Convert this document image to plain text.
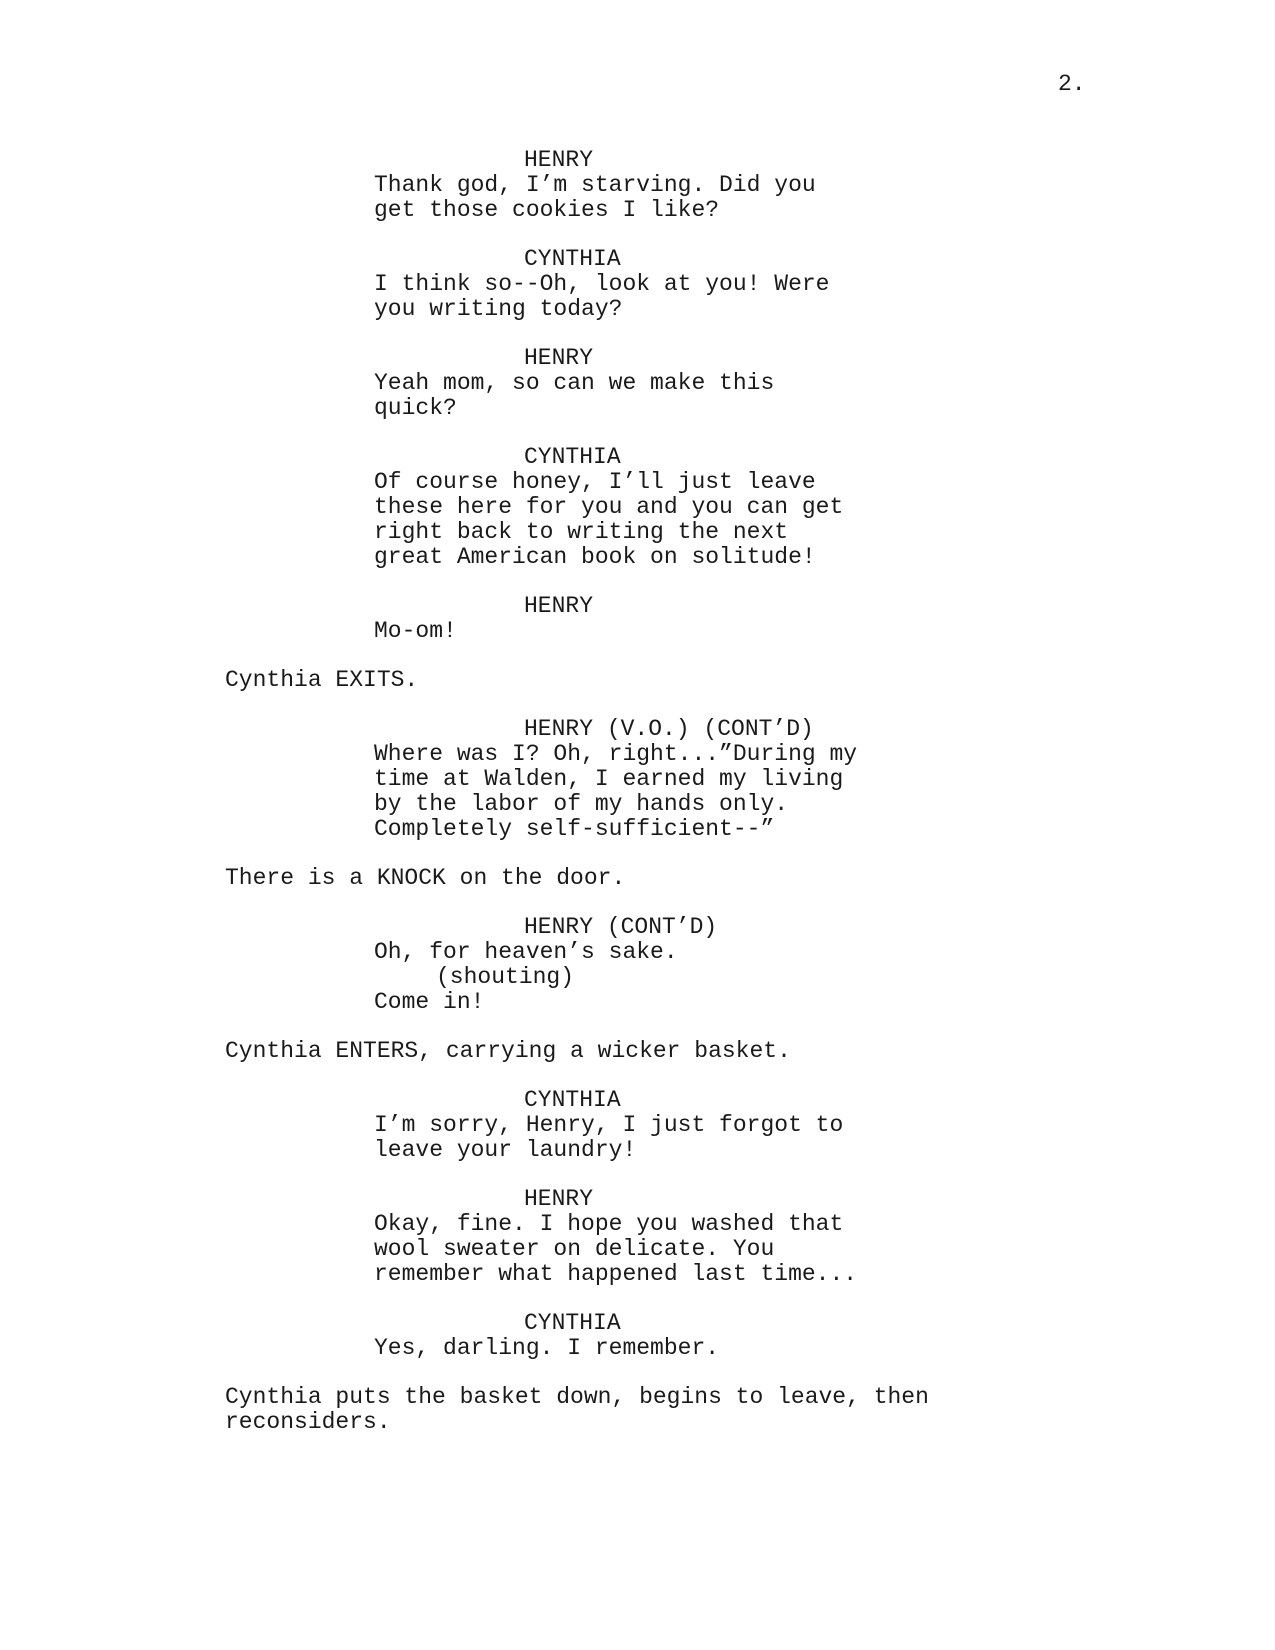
2.
HENRY
Thank god, I’m starving. Did you
get those cookies I like?
CYNTHIA
I think so--Oh, look at you! Were
you writing today?
HENRY
Yeah mom, so can we make this
quick?
CYNTHIA
Of course honey, I’ll just leave
these here for you and you can get
right back to writing the next
great American book on solitude!
HENRY
Mo-om!
Cynthia EXITS.
HENRY (V.O.) (CONT’D)
Where was I? Oh, right...”During my
time at Walden, I earned my living
by the labor of my hands only.
Completely self-sufficient--”
There is a KNOCK on the door.
HENRY (CONT’D)
Oh, for heaven’s sake.
(shouting)
Come in!
Cynthia ENTERS, carrying a wicker basket.
CYNTHIA
I’m sorry, Henry, I just forgot to
leave your laundry!
HENRY
Okay, fine. I hope you washed that
wool sweater on delicate. You
remember what happened last time...
CYNTHIA
Yes, darling. I remember.
Cynthia puts the basket down, begins to leave, then
reconsiders.
